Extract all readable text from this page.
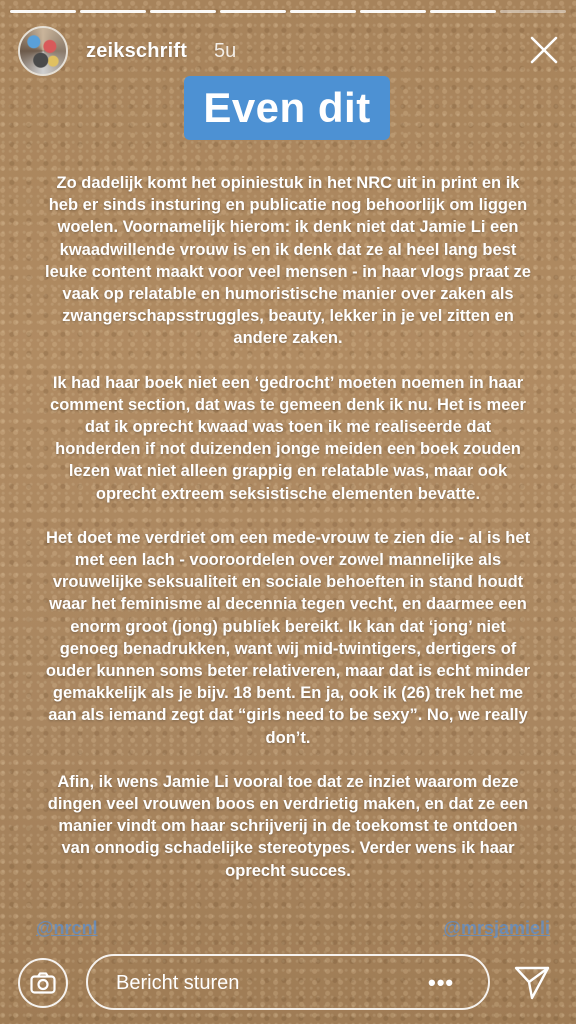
zeikschrift 5u
Even dit

Zo dadelijk komt het opiniestuk in het NRC uit in print en ik heb er sinds insturing en publicatie nog behoorlijk om liggen woelen. Voornamelijk hierom: ik denk niet dat Jamie Li een kwaadwillende vrouw is en ik denk dat ze al heel lang best leuke content maakt voor veel mensen - in haar vlogs praat ze vaak op relatable en humoristische manier over zaken als zwangerschapsstruggles, beauty, lekker in je vel zitten en andere zaken.

Ik had haar boek niet een ‘gedrocht’ moeten noemen in haar comment section, dat was te gemeen denk ik nu. Het is meer dat ik oprecht kwaad was toen ik me realiseerde dat honderden if not duizenden jonge meiden een boek zouden lezen wat niet alleen grappig en relatable was, maar ook oprecht extreem seksistische elementen bevatte.

Het doet me verdriet om een mede-vrouw te zien die - al is het met een lach - vooroordelen over zowel mannelijke als vrouwelijke seksualiteit en sociale behoeften in stand houdt waar het feminisme al decennia tegen vecht, en daarmee een enorm groot (jong) publiek bereikt. Ik kan dat ‘jong’ niet genoeg benadrukken, want wij mid-twintigers, dertigers of ouder kunnen soms beter relativeren, maar dat is echt minder gemakkelijk als je bijv. 18 bent. En ja, ook ik (26) trek het me aan als iemand zegt dat “girls need to be sexy”. No, we really don’t.

Afin, ik wens Jamie Li vooral toe dat ze inziet waarom deze dingen veel vrouwen boos en verdrietig maken, en dat ze een manier vindt om haar schrijverij in de toekomst te ontdoen van onnodig schadelijke stereotypes. Verder wens ik haar oprecht succes.

@nrcnl	@mrsjamieli
Bericht sturen	•••
